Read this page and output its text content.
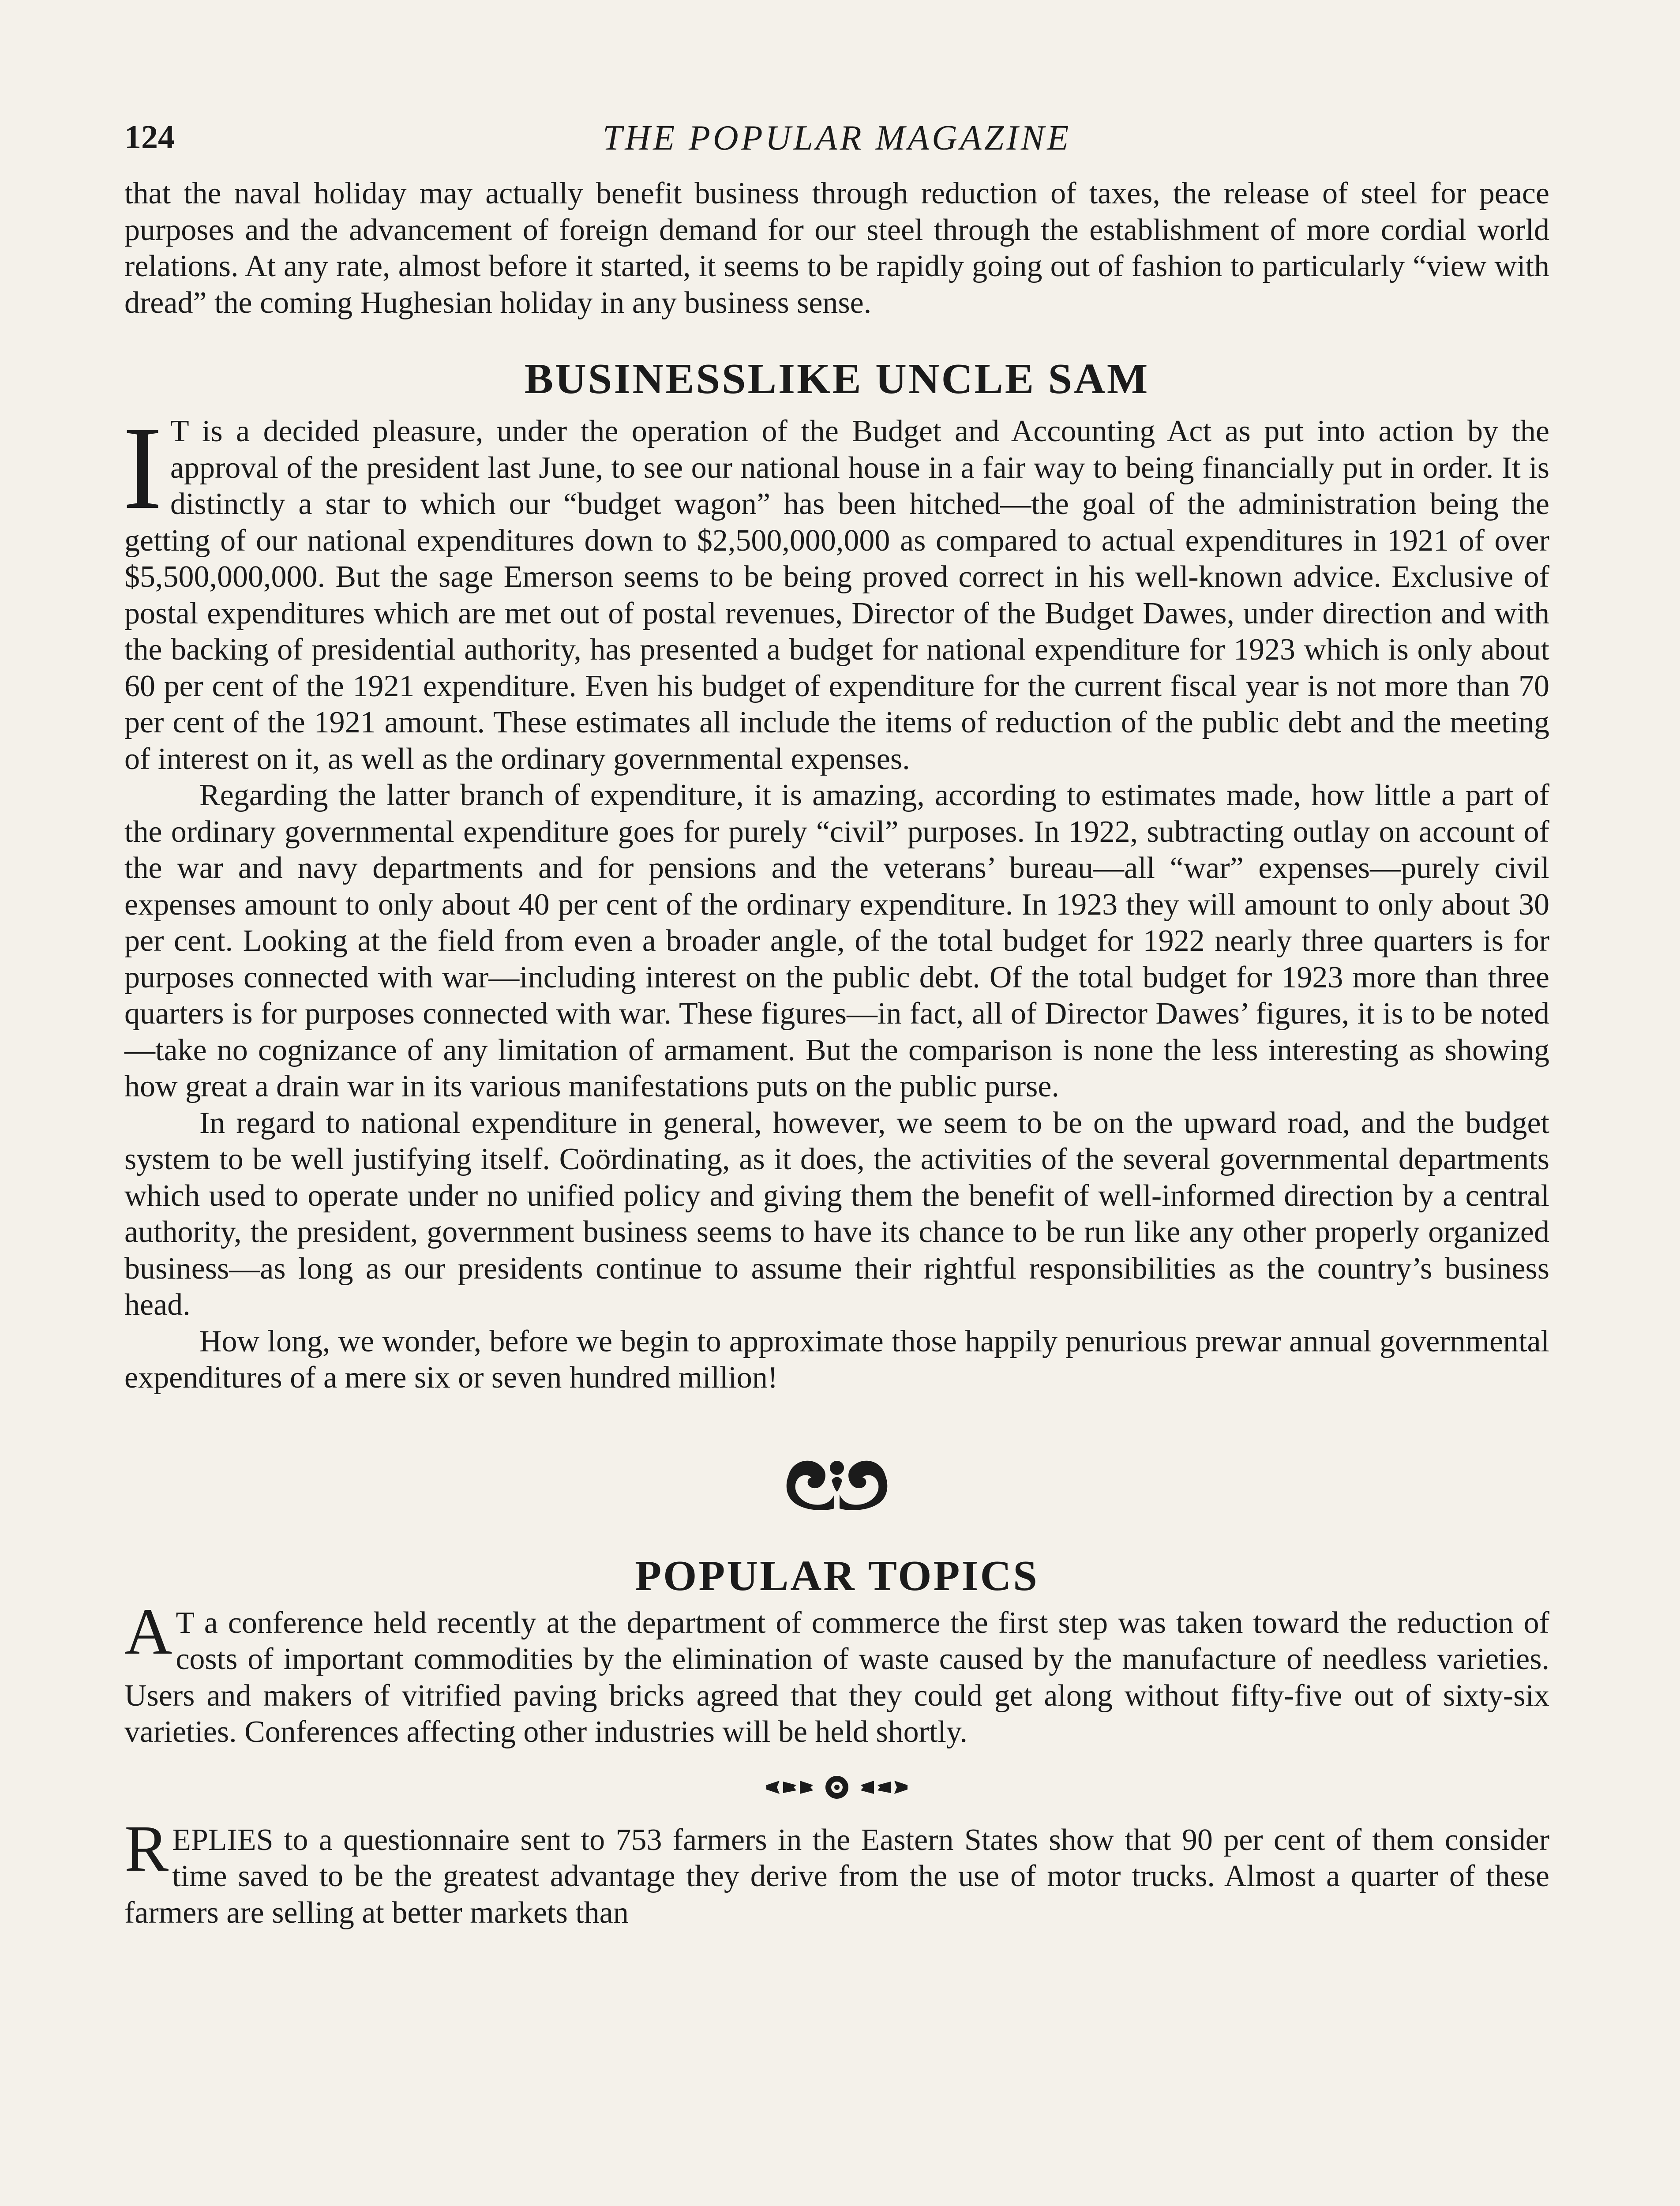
124	THE POPULAR MAGAZINE

that the naval holiday may actually benefit business through reduction of taxes, the release of steel for peace purposes and the advancement of foreign demand for our steel through the establishment of more cordial world relations. At any rate, almost before it started, it seems to be rapidly going out of fashion to particularly “view with dread” the coming Hughesian holiday in any business sense.

BUSINESSLIKE UNCLE SAM

I T is a decided pleasure, under the operation of the Budget and Accounting Act as put into action by the approval of the president last June, to see our national house in a fair way to being financially put in order. It is distinctly a star to which our “budget wagon” has been hitched—the goal of the administration being the getting of our national expenditures down to $2,500,000,000 as compared to actual expenditures in 1921 of over $5,500,000,000. But the sage Emerson seems to be being proved correct in his well-known advice. Exclusive of postal expenditures which are met out of postal revenues, Director of the Budget Dawes, under direction and with the backing of presidential authority, has presented a budget for national expenditure for 1923 which is only about 60 per cent of the 1921 expenditure. Even his budget of expenditure for the current fiscal year is not more than 70 per cent of the 1921 amount. These estimates all include the items of reduction of the public debt and the meeting of interest on it, as well as the ordinary governmental expenses.

Regarding the latter branch of expenditure, it is amazing, according to estimates made, how little a part of the ordinary governmental expenditure goes for purely “civil” purposes. In 1922, subtracting outlay on account of the war and navy departments and for pensions and the veterans’ bureau—all “war” expenses—purely civil expenses amount to only about 40 per cent of the ordinary expenditure. In 1923 they will amount to only about 30 per cent. Looking at the field from even a broader angle, of the total budget for 1922 nearly three quarters is for purposes connected with war—including interest on the public debt. Of the total budget for 1923 more than three quarters is for purposes connected with war. These figures—in fact, all of Director Dawes’ figures, it is to be noted—take no cognizance of any limitation of armament. But the comparison is none the less interesting as showing how great a drain war in its various manifestations puts on the public purse.

In regard to national expenditure in general, however, we seem to be on the upward road, and the budget system to be well justifying itself. Coördinating, as it does, the activities of the several governmental departments which used to operate under no unified policy and giving them the benefit of well-informed direction by a central authority, the president, government business seems to have its chance to be run like any other properly organized business—as long as our presidents continue to assume their rightful responsibilities as the country’s business head.

How long, we wonder, before we begin to approximate those happily penurious prewar annual governmental expenditures of a mere six or seven hundred million!

POPULAR TOPICS

A T a conference held recently at the department of commerce the first step was taken toward the reduction of costs of important commodities by the elimination of waste caused by the manufacture of needless varieties. Users and makers of vitrified paving bricks agreed that they could get along without fifty-five out of sixty-six varieties. Conferences affecting other industries will be held shortly.

REPLIES to a questionnaire sent to 753 farmers in the Eastern States show that 90 per cent of them consider time saved to be the greatest advantage they derive from the use of motor trucks. Almost a quarter of these farmers are selling at better markets than
